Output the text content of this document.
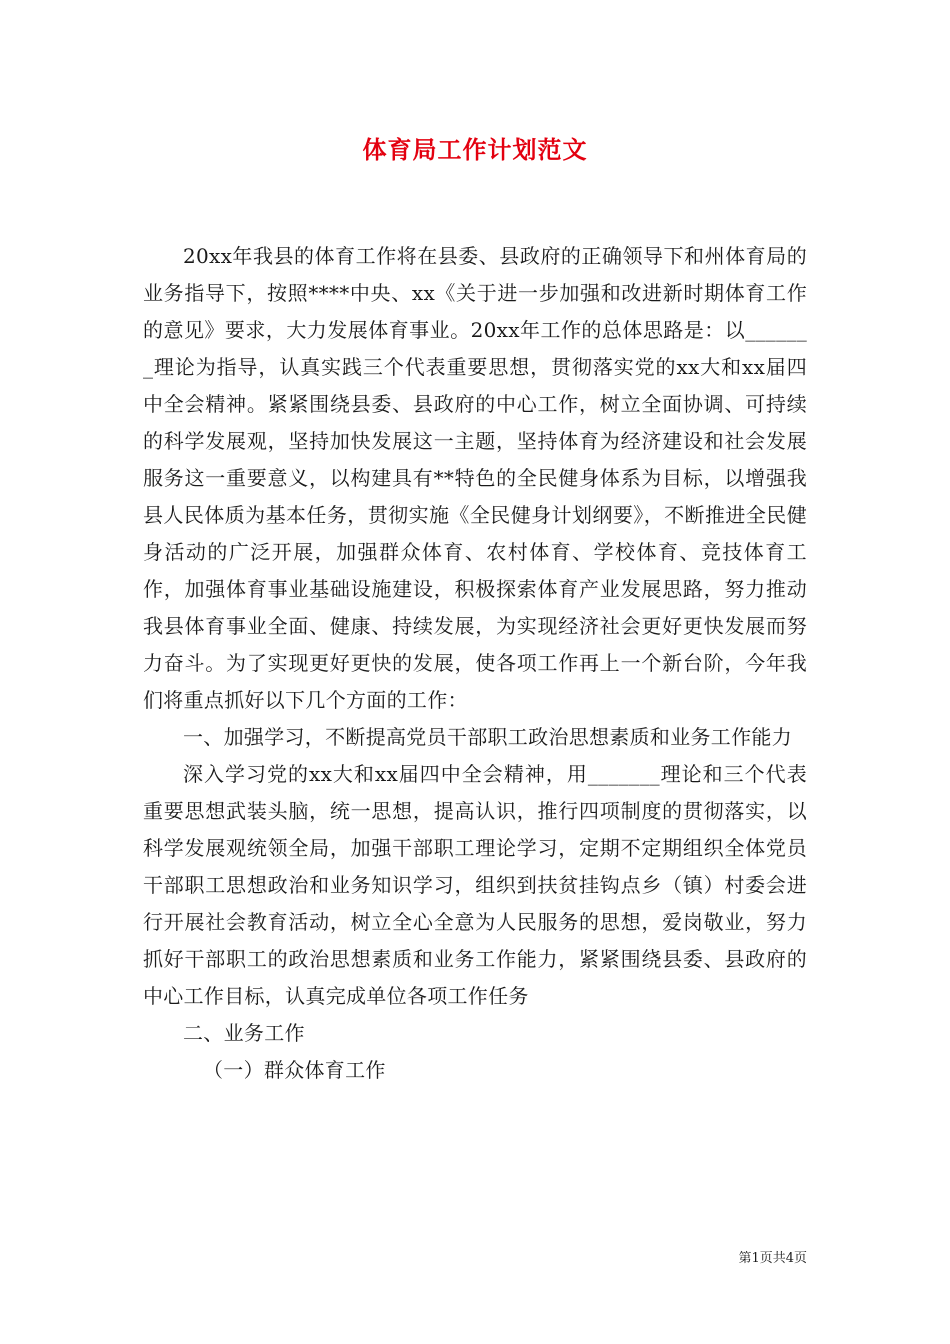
体育局工作计划范文

20xx年我县的体育工作将在县委、县政府的正确领导下和州体育局的业务指导下，按照****中央、xx《关于进一步加强和改进新时期体育工作的意见》要求，大力发展体育事业。20xx年工作的总体思路是：以_______理论为指导，认真实践三个代表重要思想，贯彻落实党的xx大和xx届四中全会精神。紧紧围绕县委、县政府的中心工作，树立全面协调、可持续的科学发展观，坚持加快发展这一主题，坚持体育为经济建设和社会发展服务这一重要意义，以构建具有**特色的全民健身体系为目标，以增强我县人民体质为基本任务，贯彻实施《全民健身计划纲要》，不断推进全民健身活动的广泛开展，加强群众体育、农村体育、学校体育、竞技体育工作，加强体育事业基础设施建设，积极探索体育产业发展思路，努力推动我县体育事业全面、健康、持续发展，为实现经济社会更好更快发展而努力奋斗。为了实现更好更快的发展，使各项工作再上一个新台阶，今年我们将重点抓好以下几个方面的工作：

一、加强学习，不断提高党员干部职工政治思想素质和业务工作能力

深入学习党的xx大和xx届四中全会精神，用_______理论和三个代表重要思想武装头脑，统一思想，提高认识，推行四项制度的贯彻落实，以科学发展观统领全局，加强干部职工理论学习，定期不定期组织全体党员干部职工思想政治和业务知识学习，组织到扶贫挂钩点乡（镇）村委会进行开展社会教育活动，树立全心全意为人民服务的思想，爱岗敬业，努力抓好干部职工的政治思想素质和业务工作能力，紧紧围绕县委、县政府的中心工作目标，认真完成单位各项工作任务

二、业务工作

（一）群众体育工作

第1页共4页
